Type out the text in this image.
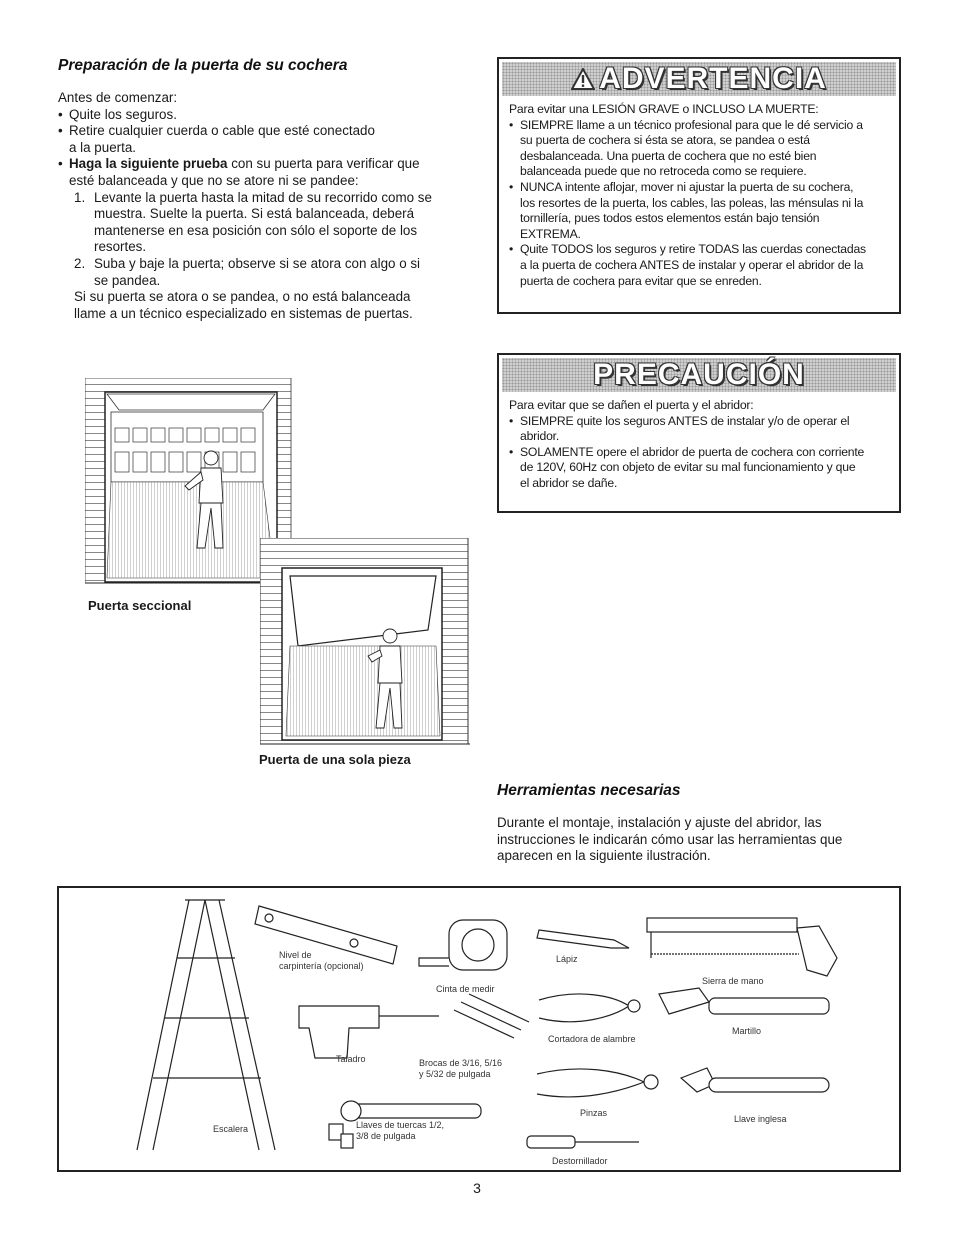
Preparación de la puerta de su cochera

Antes de comenzar:

• Quite los seguros.

• Retire cualquier cuerda o cable que esté conectado

a la puerta.

• Haga la siguiente prueba con su puerta para verificar que

esté balanceada y que no se atore ni se pandee:

1. Levante la puerta hasta la mitad de su recorrido como se

muestra. Suelte la puerta. Si está balanceada, deberá

mantenerse en esa posición con sólo el soporte de los

resortes.

2. Suba y baje la puerta; observe si se atora con algo o si

se pandea.

Si su puerta se atora o se pandea, o no está balanceada

llame a un técnico especializado en sistemas de puertas.

ADVERTENCIA

Para evitar una LESIÓN GRAVE o INCLUSO LA MUERTE:

• SIEMPRE llame a un técnico profesional para que le dé servicio a

su puerta de cochera si ésta se atora, se pandea o está

desbalanceada. Una puerta de cochera que no esté bien

balanceada puede que no retroceda como se requiere.

• NUNCA intente aflojar, mover ni ajustar la puerta de su cochera,

los resortes de la puerta, los cables, las poleas, las ménsulas ni la

tornillería, pues todos estos elementos están bajo tensión

EXTREMA.

• Quite TODOS los seguros y retire TODAS las cuerdas conectadas

a la puerta de cochera ANTES de instalar y operar el abridor de la

puerta de cochera para evitar que se enreden.

PRECAUCIÓN

Para evitar que se dañen el puerta y el abridor:

• SIEMPRE quite los seguros ANTES de instalar y/o de operar el

abridor.

• SOLAMENTE opere el abridor de puerta de cochera con corriente

de 120V, 60Hz con objeto de evitar su mal funcionamiento y que

el abridor se dañe.

Puerta seccional
Puerta de una sola pieza
Herramientas necesarias

Durante el montaje, instalación y ajuste del abridor, las

instrucciones le indicarán cómo usar las herramientas que

aparecen en la siguiente ilustración.

Nivel de
carpintería (opcional)
Cinta de medir
Lápiz
Sierra de mano
Cortadora de alambre
Martillo
Taladro	Brocas de 3/16, 5/16
y 5/32 de pulgada
Escalera	Llaves de tuercas 1/2,
3/8 de pulgada
Pinzas
Llave inglesa
Destornillador
3
